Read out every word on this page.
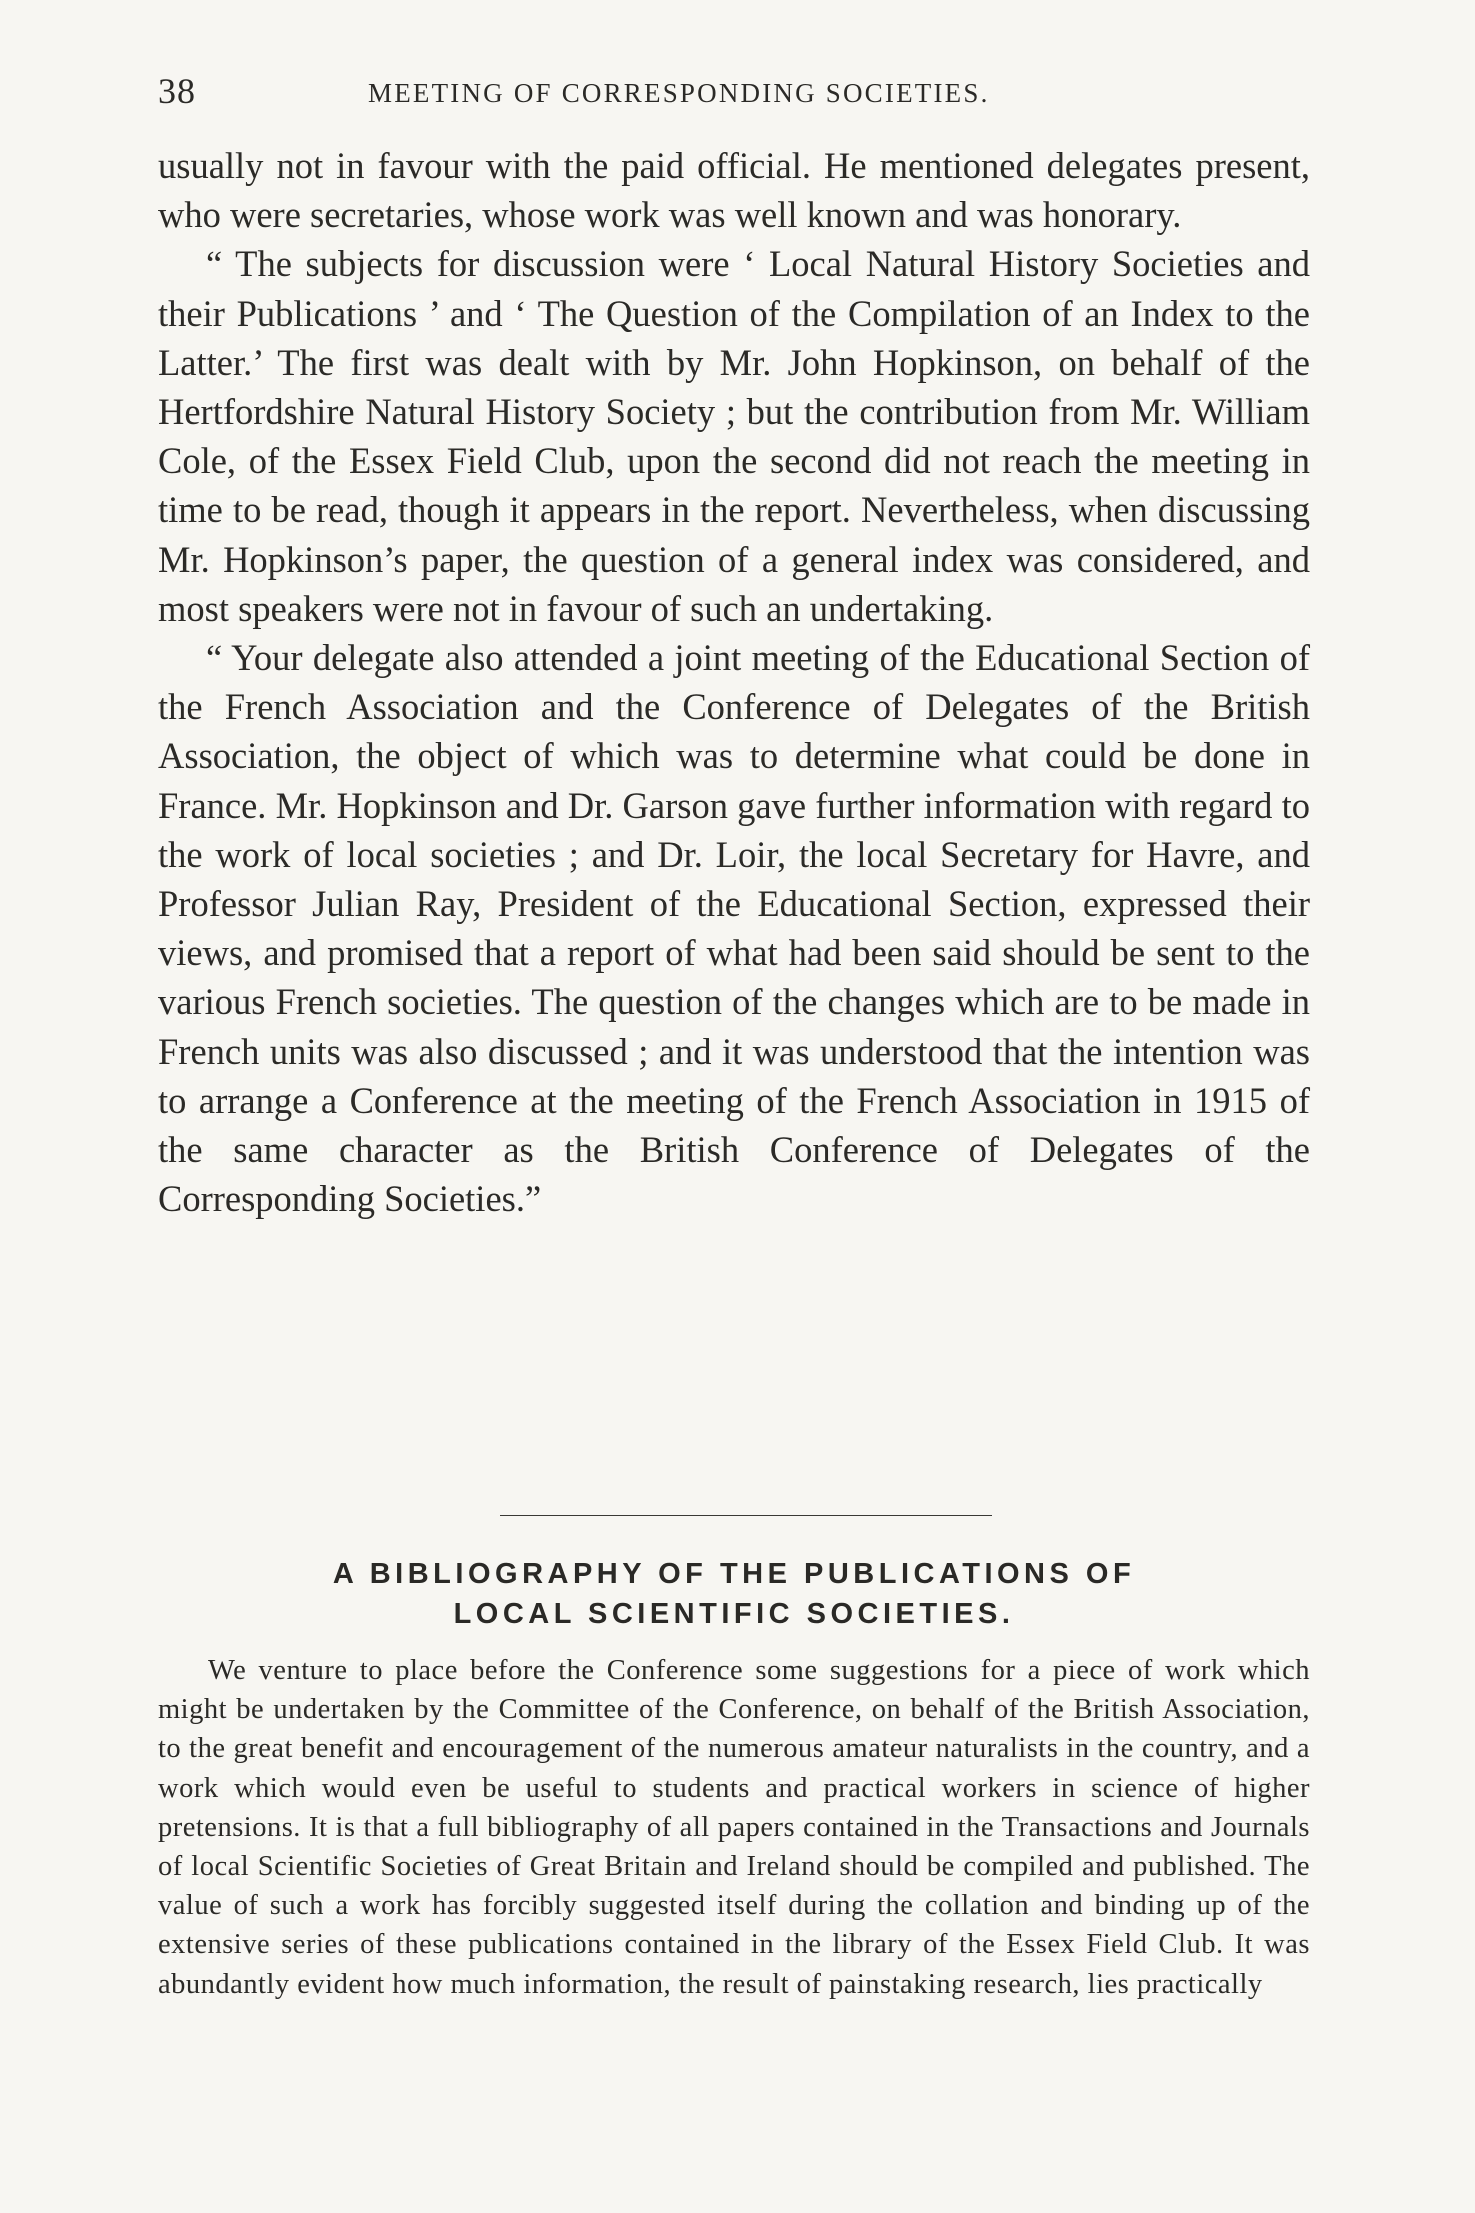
38	MEETING OF CORRESPONDING SOCIETIES.

usually not in favour with the paid official. He mentioned delegates present, who were secretaries, whose work was well known and was honorary.

“ The subjects for discussion were ‘ Local Natural History Societies and their Publications ’ and ‘ The Question of the Compilation of an Index to the Latter.’ The first was dealt with by Mr. John Hopkinson, on behalf of the Hertfordshire Natural History Society ; but the contribution from Mr. William Cole, of the Essex Field Club, upon the second did not reach the meeting in time to be read, though it appears in the report. Nevertheless, when discussing Mr. Hopkinson’s paper, the question of a general index was considered, and most speakers were not in favour of such an undertaking.

“ Your delegate also attended a joint meeting of the Educational Section of the French Association and the Conference of Delegates of the British Association, the object of which was to determine what could be done in France. Mr. Hopkinson and Dr. Garson gave further information with regard to the work of local societies ; and Dr. Loir, the local Secretary for Havre, and Professor Julian Ray, President of the Educational Section, expressed their views, and promised that a report of what had been said should be sent to the various French societies. The question of the changes which are to be made in French units was also discussed ; and it was understood that the intention was to arrange a Conference at the meeting of the French Association in 1915 of the same character as the British Conference of Delegates of the Corresponding Societies.”

A BIBLIOGRAPHY OF THE PUBLICATIONS OF
LOCAL SCIENTIFIC SOCIETIES.

We venture to place before the Conference some suggestions for a piece of work which might be undertaken by the Committee of the Conference, on behalf of the British Association, to the great benefit and encouragement of the numerous amateur naturalists in the country, and a work which would even be useful to students and practical workers in science of higher pretensions. It is that a full bibliography of all papers contained in the Transactions and Journals of local Scientific Societies of Great Britain and Ireland should be compiled and published. The value of such a work has forcibly suggested itself during the collation and binding up of the extensive series of these publications contained in the library of the Essex Field Club. It was abundantly evident how much information, the result of painstaking research, lies practically
